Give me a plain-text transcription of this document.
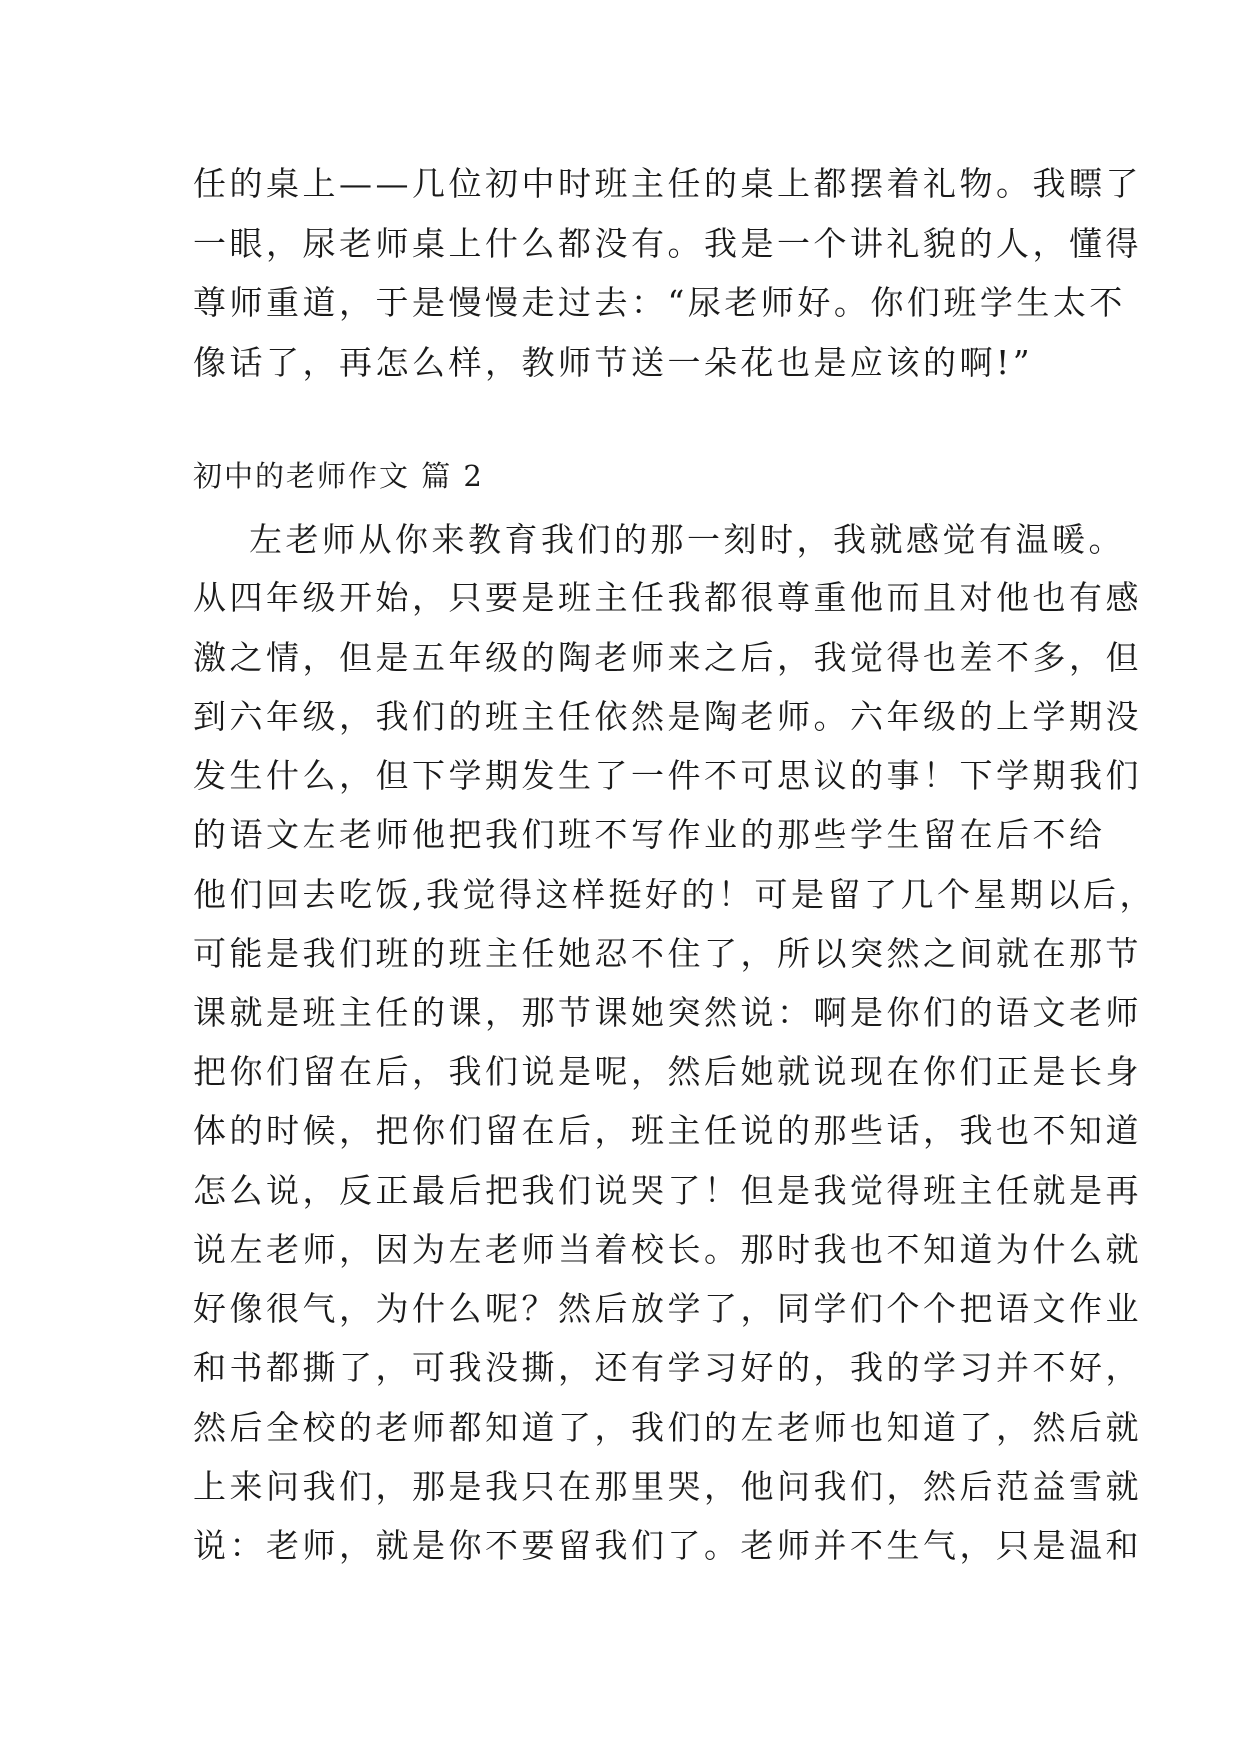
任的桌上——几位初中时班主任的桌上都摆着礼物。我瞟了

一眼，尿老师桌上什么都没有。我是一个讲礼貌的人，懂得

尊师重道，于是慢慢走过去：“尿老师好。你们班学生太不

像话了，再怎么样，教师节送一朵花也是应该的啊!”

初中的老师作文 篇 2

左老师从你来教育我们的那一刻时，我就感觉有温暖。

从四年级开始，只要是班主任我都很尊重他而且对他也有感

激之情，但是五年级的陶老师来之后，我觉得也差不多，但

到六年级，我们的班主任依然是陶老师。六年级的上学期没

发生什么，但下学期发生了一件不可思议的事！下学期我们

的语文左老师他把我们班不写作业的那些学生留在后不给

他们回去吃饭,我觉得这样挺好的！可是留了几个星期以后，

可能是我们班的班主任她忍不住了，所以突然之间就在那节

课就是班主任的课，那节课她突然说：啊是你们的语文老师

把你们留在后，我们说是呢，然后她就说现在你们正是长身

体的时候，把你们留在后，班主任说的那些话，我也不知道

怎么说，反正最后把我们说哭了！但是我觉得班主任就是再

说左老师，因为左老师当着校长。那时我也不知道为什么就

好像很气，为什么呢？然后放学了，同学们个个把语文作业

和书都撕了，可我没撕，还有学习好的，我的学习并不好，

然后全校的老师都知道了，我们的左老师也知道了，然后就

上来问我们，那是我只在那里哭，他问我们，然后范益雪就

说：老师，就是你不要留我们了。老师并不生气，只是温和
